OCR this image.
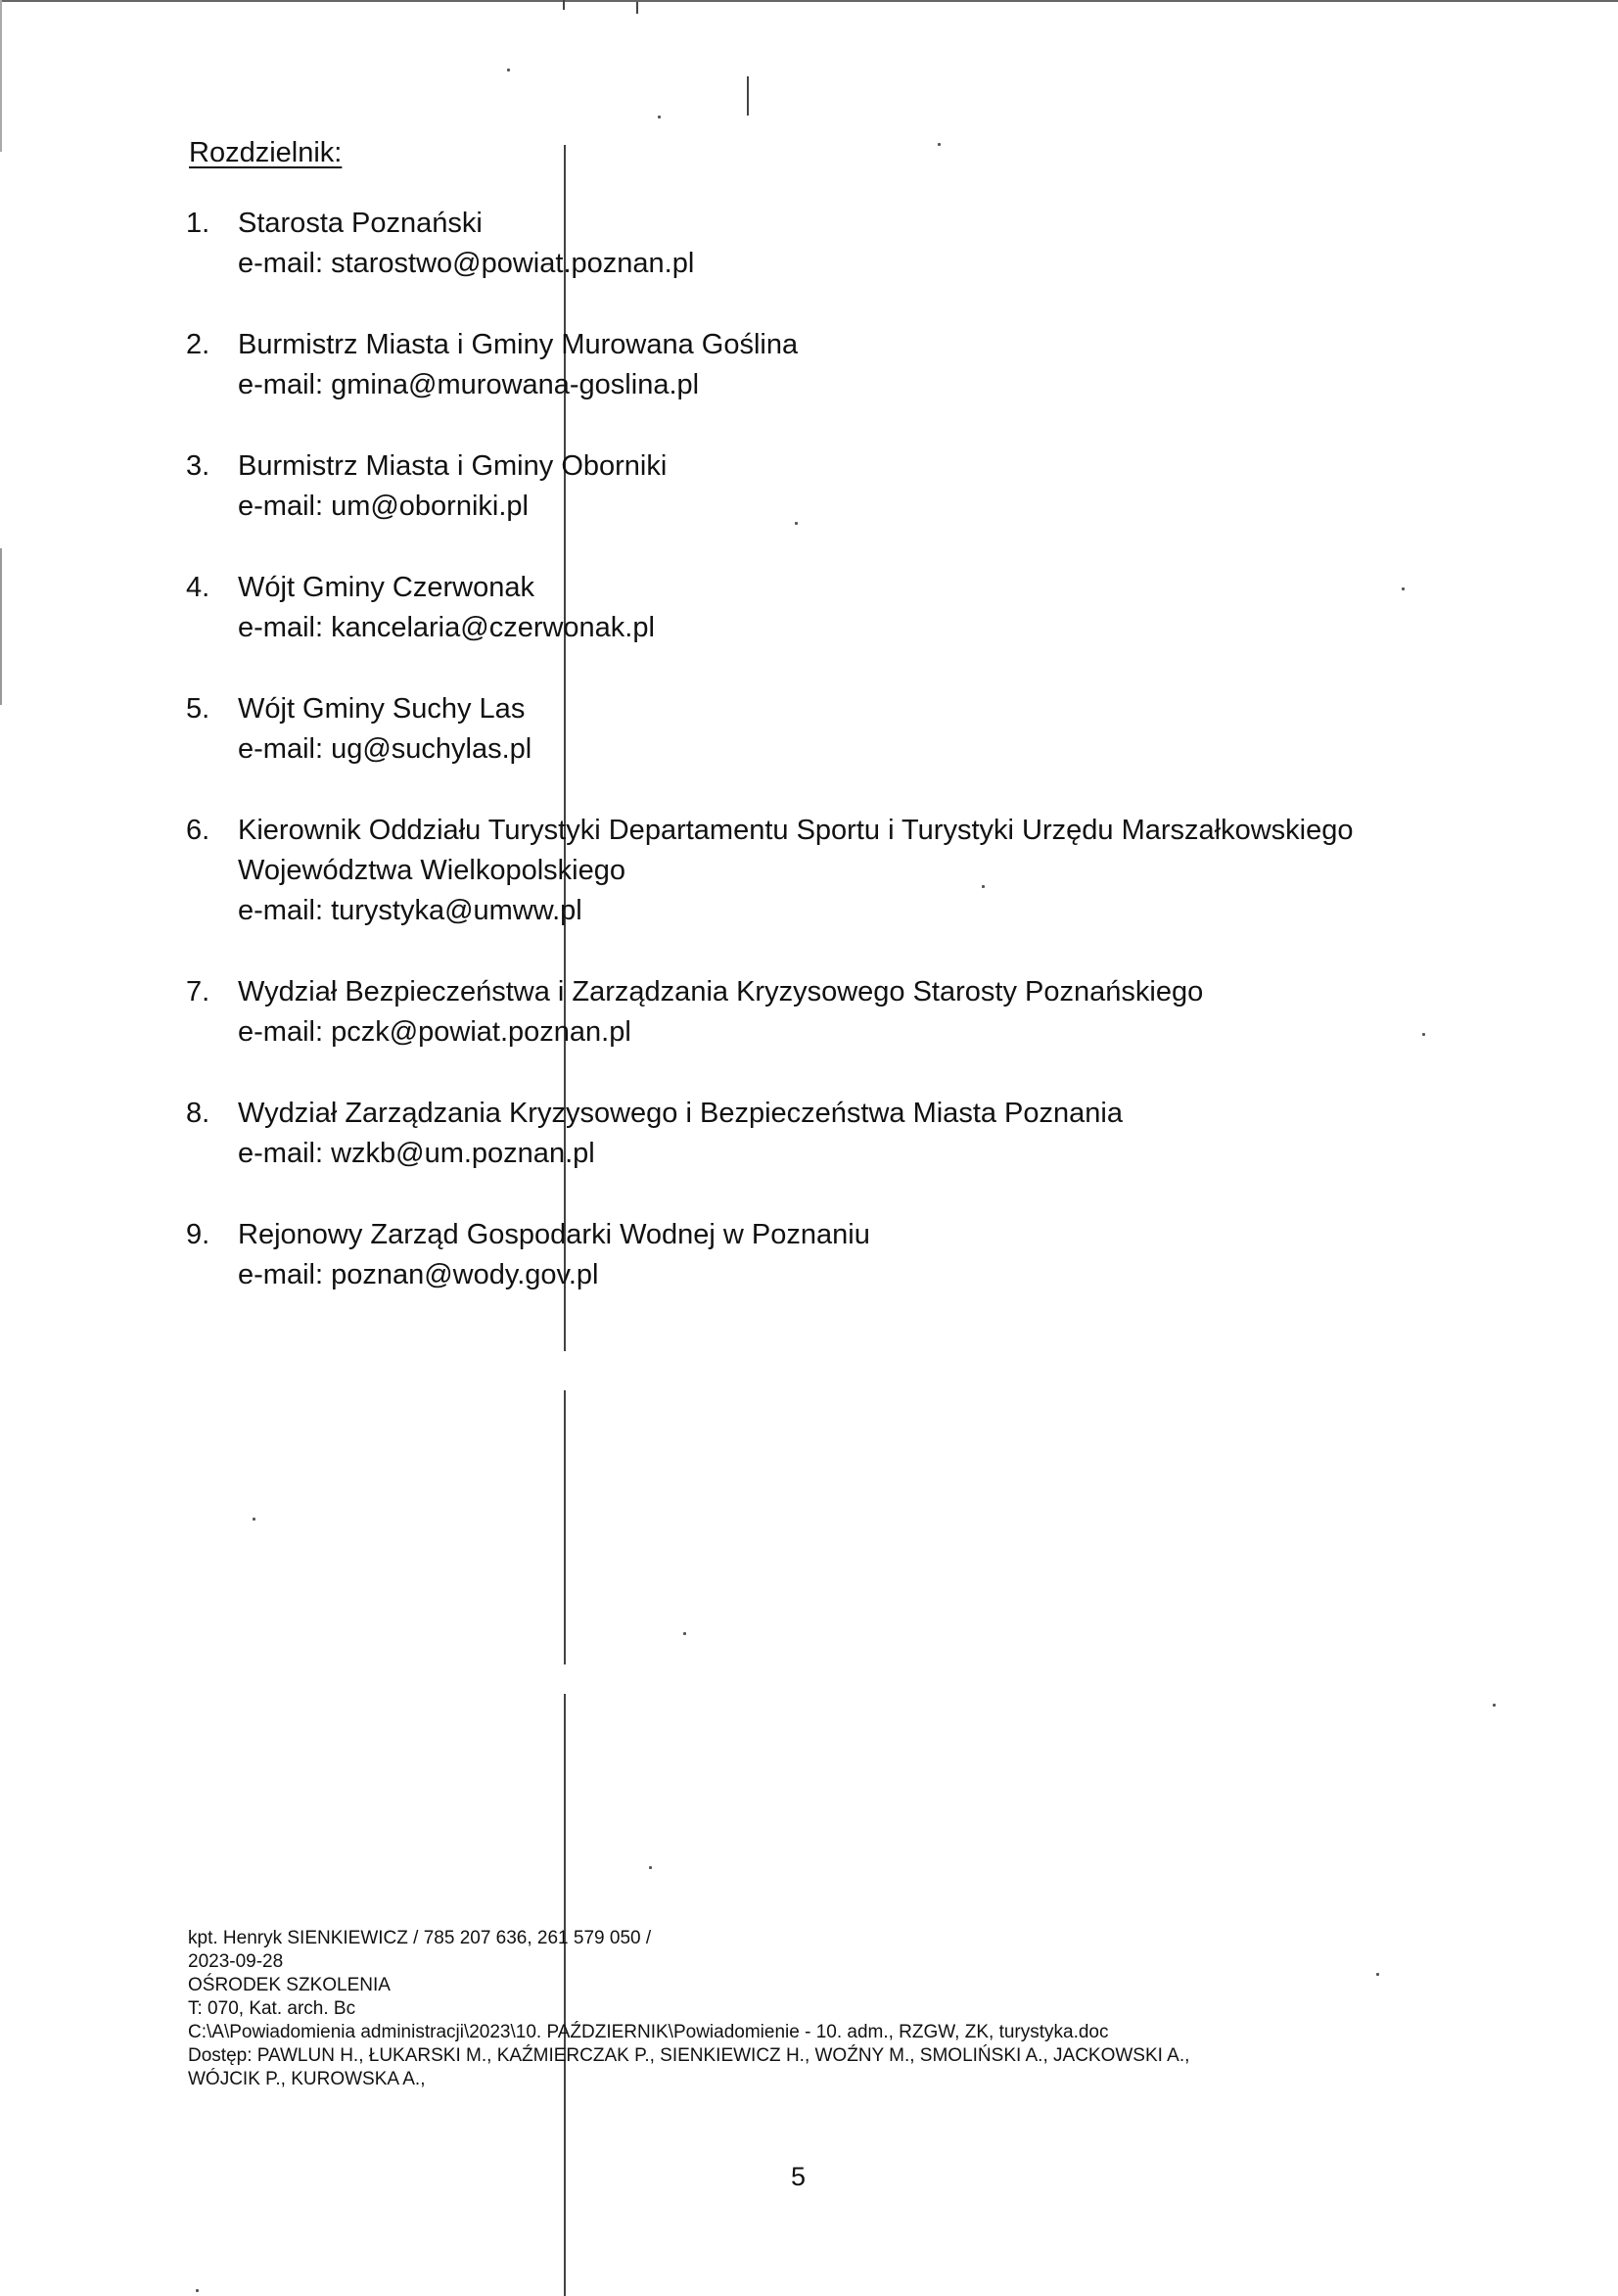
Rozdzielnik:
1. Starosta Poznański
e-mail: starostwo@powiat.poznan.pl
2. Burmistrz Miasta i Gminy Murowana Goślina
e-mail: gmina@murowana-goslina.pl
3. Burmistrz Miasta i Gminy Oborniki
e-mail: um@oborniki.pl
4. Wójt Gminy Czerwonak
e-mail: kancelaria@czerwonak.pl
5. Wójt Gminy Suchy Las
e-mail: ug@suchylas.pl
6. Kierownik Oddziału Turystyki Departamentu Sportu i Turystyki Urzędu Marszałkowskiego
Województwa Wielkopolskiego
e-mail: turystyka@umww.pl
7. Wydział Bezpieczeństwa i Zarządzania Kryzysowego Starosty Poznańskiego
e-mail: pczk@powiat.poznan.pl
8. Wydział Zarządzania Kryzysowego i Bezpieczeństwa Miasta Poznania
e-mail: wzkb@um.poznan.pl
9. Rejonowy Zarząd Gospodarki Wodnej w Poznaniu
e-mail: poznan@wody.gov.pl
kpt. Henryk SIENKIEWICZ / 785 207 636, 261 579 050 /
2023-09-28
OŚRODEK SZKOLENIA
T: 070, Kat. arch. Bc
C:\A\Powiadomienia administracji\2023\10. PAŹDZIERNIK\Powiadomienie - 10. adm., RZGW, ZK, turystyka.doc
Dostęp: PAWLUN H., ŁUKARSKI M., KAŹMIERCZAK P., SIENKIEWICZ H., WOŹNY M., SMOLIŃSKI A., JACKOWSKI A.,
WÓJCIK P., KUROWSKA A.,
5
